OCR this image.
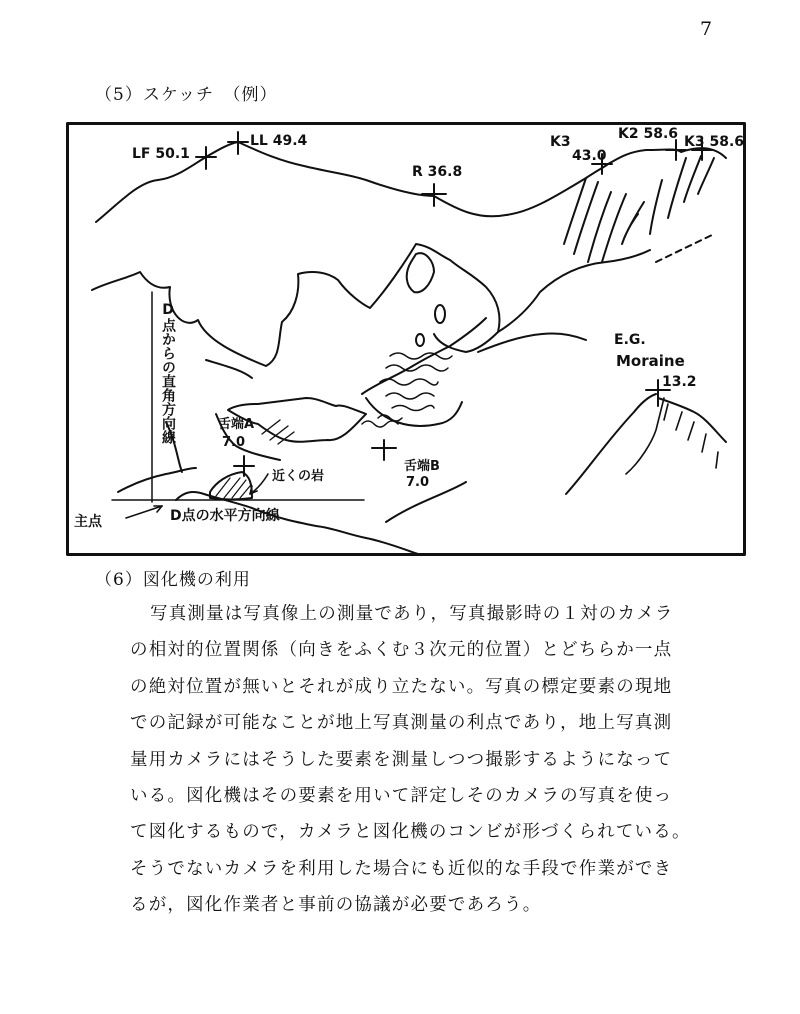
7
（5）スケッチ　（例）
LF 50.1
LL 49.4
R 36.8
K3
43.0
K2 58.6 K3 58.6
E.G.
Moraine
13.2
D点からの直角方向線	舌端A
7.0
舌端B
7.0
近くの岩
主点	D点の水平方向線
（6）図化機の利用

写真測量は写真像上の測量であり，写真撮影時の１対のカメラ
の相対的位置関係（向きをふくむ３次元的位置）とどちらか一点
の絶対位置が無いとそれが成り立たない。写真の標定要素の現地
での記録が可能なことが地上写真測量の利点であり，地上写真測
量用カメラにはそうした要素を測量しつつ撮影するようになって
いる。図化機はその要素を用いて評定しそのカメラの写真を使っ
て図化するもので，カメラと図化機のコンビが形づくられている。
そうでないカメラを利用した場合にも近似的な手段で作業ができ
るが，図化作業者と事前の協議が必要であろう。
